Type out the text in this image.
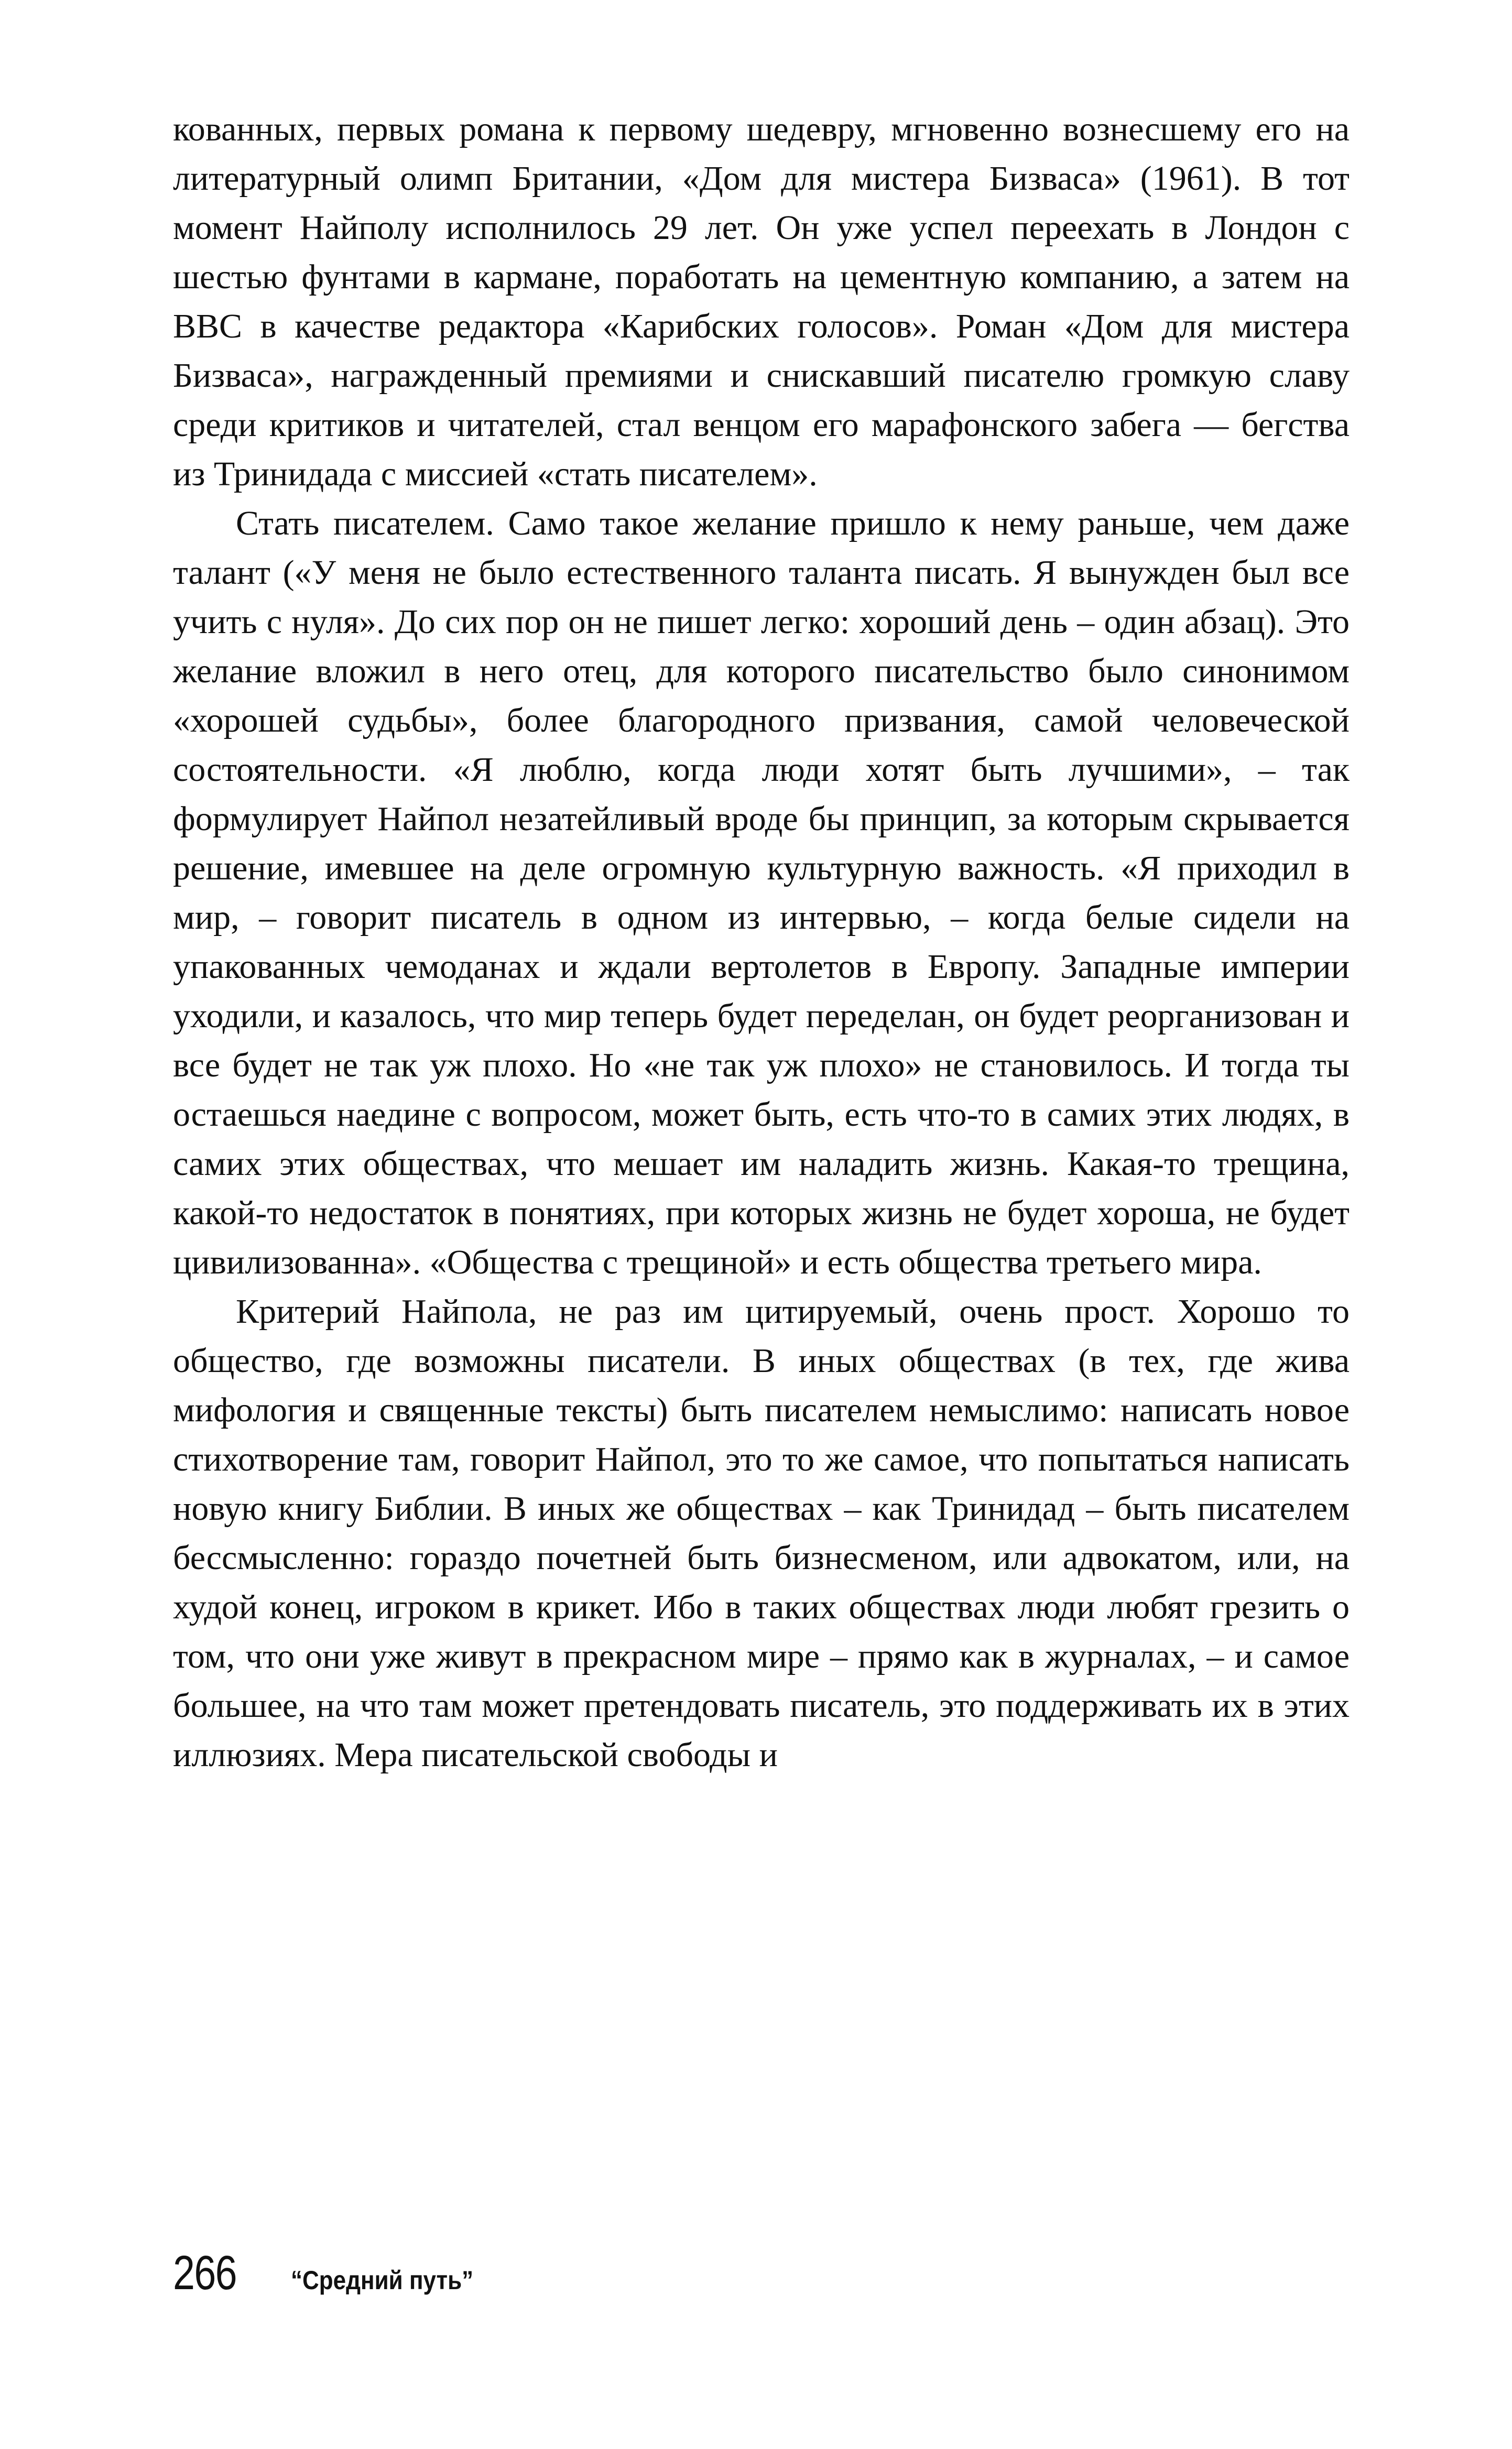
кованных, первых романа к первому шедевру, мгновенно вознесшему его на литературный олимп Британии, «Дом для мистера Бизваса» (1961). В тот момент Найполу исполнилось 29 лет. Он уже успел переехать в Лондон с шестью фунтами в кармане, поработать на цементную компанию, а затем на BBC в качестве редактора «Карибских голосов». Роман «Дом для мистера Бизваса», награжденный премиями и снискавший писателю громкую славу среди критиков и читателей, стал венцом его марафонского забега — бегства из Тринидада с миссией «стать писателем».

Стать писателем. Само такое желание пришло к нему раньше, чем даже талант («У меня не было естественного таланта писать. Я вынужден был все учить с нуля». До сих пор он не пишет легко: хороший день – один абзац). Это желание вложил в него отец, для которого писательство было синонимом «хорошей судьбы», более благородного призвания, самой человеческой состоятельности. «Я люблю, когда люди хотят быть лучшими», – так формулирует Найпол незатейливый вроде бы принцип, за которым скрывается решение, имевшее на деле огромную культурную важность. «Я приходил в мир, – говорит писатель в одном из интервью, – когда белые сидели на упакованных чемоданах и ждали вертолетов в Европу. Западные империи уходили, и казалось, что мир теперь будет переделан, он будет реорганизован и все будет не так уж плохо. Но «не так уж плохо» не становилось. И тогда ты остаешься наедине с вопросом, может быть, есть что-то в самих этих людях, в самих этих обществах, что мешает им наладить жизнь. Какая-то трещина, какой-то недостаток в понятиях, при которых жизнь не будет хороша, не будет цивилизованна». «Общества с трещиной» и есть общества третьего мира.

Критерий Найпола, не раз им цитируемый, очень прост. Хорошо то общество, где возможны писатели. В иных обществах (в тех, где жива мифология и священные тексты) быть писателем немыслимо: написать новое стихотворение там, говорит Найпол, это то же самое, что попытаться написать новую книгу Библии. В иных же обществах – как Тринидад – быть писателем бессмысленно: гораздо почетней быть бизнесменом, или адвокатом, или, на худой конец, игроком в крикет. Ибо в таких обществах люди любят грезить о том, что они уже живут в прекрасном мире – прямо как в журналах, – и самое большее, на что там может претендовать писатель, это поддерживать их в этих иллюзиях. Мера писательской свободы и

266	“Средний путь”
